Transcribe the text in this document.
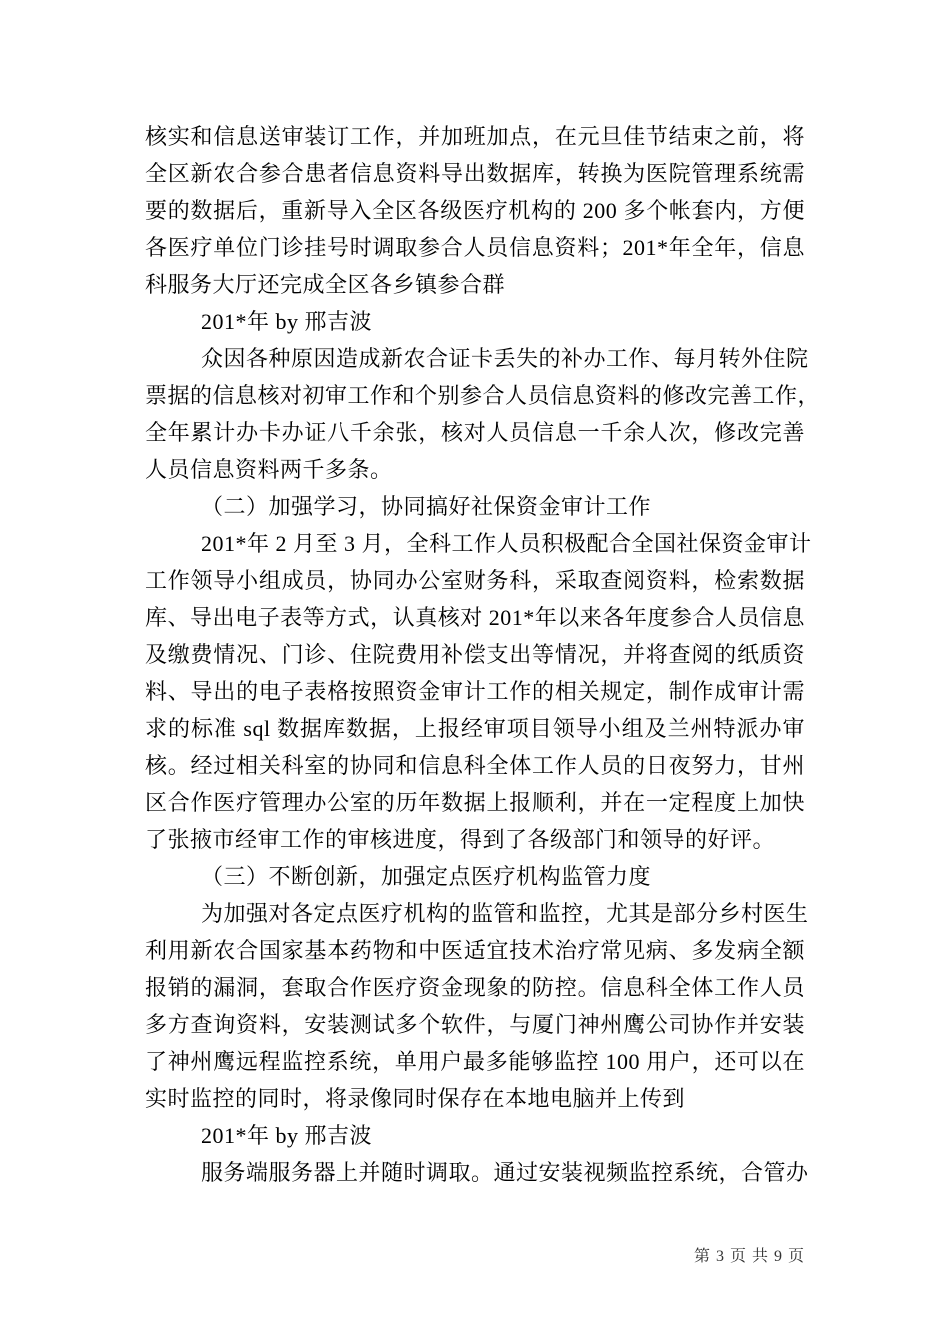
核实和信息送审装订工作，并加班加点，在元旦佳节结束之前，将
全区新农合参合患者信息资料导出数据库，转换为医院管理系统需
要的数据后，重新导入全区各级医疗机构的 200 多个帐套内，方便
各医疗单位门诊挂号时调取参合人员信息资料；201*年全年，信息
科服务大厅还完成全区各乡镇参合群
201*年 by 邢吉波
众因各种原因造成新农合证卡丢失的补办工作、每月转外住院
票据的信息核对初审工作和个别参合人员信息资料的修改完善工作，
全年累计办卡办证八千余张，核对人员信息一千余人次，修改完善
人员信息资料两千多条。
（二）加强学习，协同搞好社保资金审计工作
201*年 2 月至 3 月，全科工作人员积极配合全国社保资金审计
工作领导小组成员，协同办公室财务科，采取查阅资料，检索数据
库、导出电子表等方式，认真核对 201*年以来各年度参合人员信息
及缴费情况、门诊、住院费用补偿支出等情况，并将查阅的纸质资
料、导出的电子表格按照资金审计工作的相关规定，制作成审计需
求的标准 sql 数据库数据，上报经审项目领导小组及兰州特派办审
核。经过相关科室的协同和信息科全体工作人员的日夜努力，甘州
区合作医疗管理办公室的历年数据上报顺利，并在一定程度上加快
了张掖市经审工作的审核进度，得到了各级部门和领导的好评。
（三）不断创新，加强定点医疗机构监管力度
为加强对各定点医疗机构的监管和监控，尤其是部分乡村医生
利用新农合国家基本药物和中医适宜技术治疗常见病、多发病全额
报销的漏洞，套取合作医疗资金现象的防控。信息科全体工作人员
多方查询资料，安装测试多个软件，与厦门神州鹰公司协作并安装
了神州鹰远程监控系统，单用户最多能够监控 100 用户，还可以在
实时监控的同时，将录像同时保存在本地电脑并上传到
201*年 by 邢吉波
服务端服务器上并随时调取。通过安装视频监控系统，合管办
第 3 页 共 9 页
